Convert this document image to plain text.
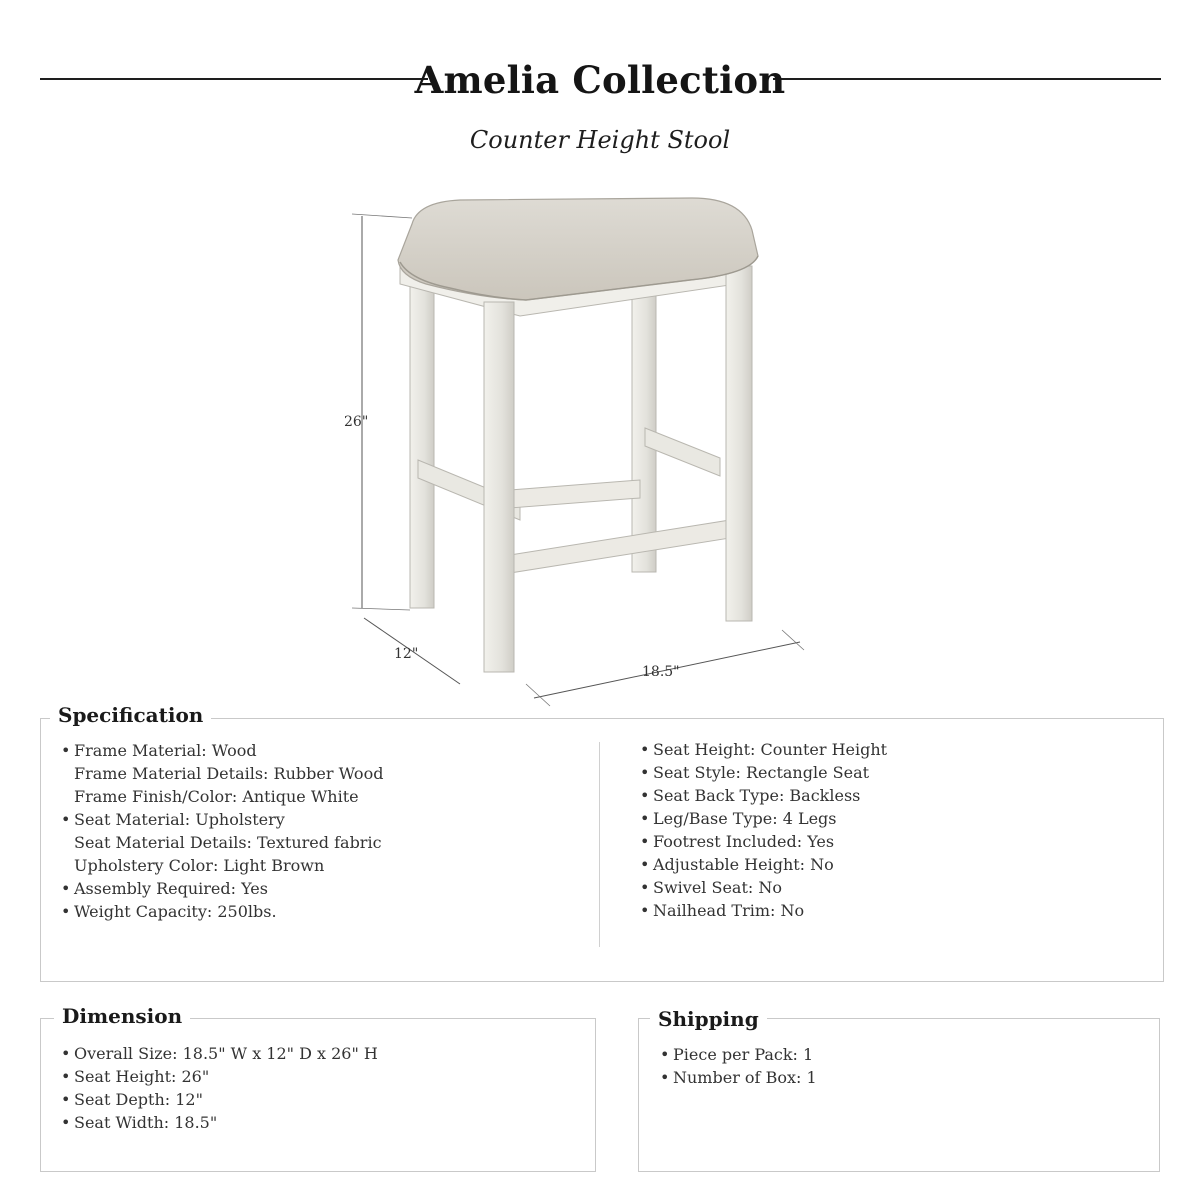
Amelia Collection
Counter Height Stool
26"
12"
18.5"
Specification
• Frame Material: Wood
Frame Material Details: Rubber Wood
Frame Finish/Color: Antique White
• Seat Material: Upholstery
Seat Material Details: Textured fabric
Upholstery Color: Light Brown
• Assembly Required: Yes
• Weight Capacity: 250lbs.
• Seat Height: Counter Height
• Seat Style: Rectangle Seat
• Seat Back Type: Backless
• Leg/Base Type: 4 Legs
• Footrest Included: Yes
• Adjustable Height: No
• Swivel Seat: No
• Nailhead Trim: No
Dimension
• Overall Size: 18.5" W x 12" D x 26" H
• Seat Height: 26"
• Seat Depth: 12"
• Seat Width: 18.5"
Shipping
• Piece per Pack: 1
• Number of Box: 1
